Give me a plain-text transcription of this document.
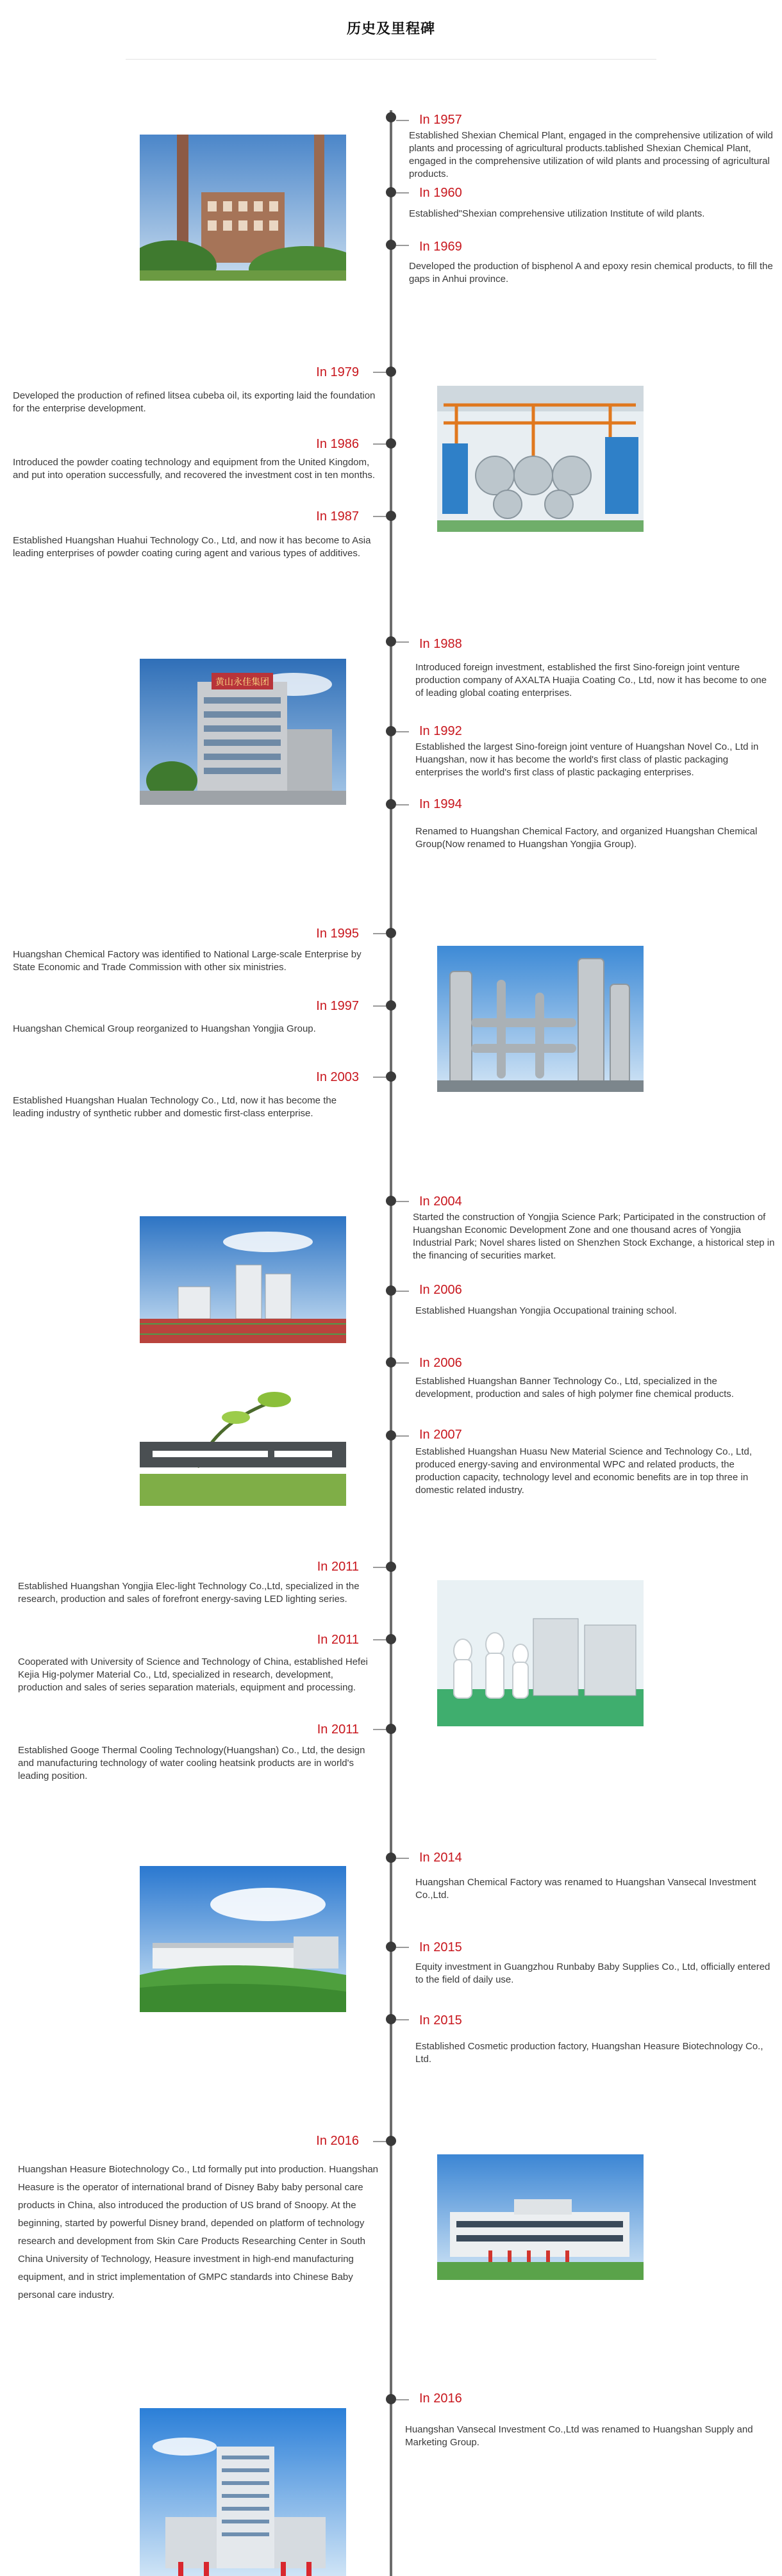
历史及里程碑
In 1957
Established Shexian Chemical Plant, engaged in the comprehensive utilization of wild plants and processing of agricultural products.tablished Shexian Chemical Plant, engaged in the comprehensive utilization of wild plants and processing of agricultural products.
In 1960
Established"Shexian comprehensive utilization Institute of wild plants.
In 1969
Developed the production of bisphenol A and epoxy resin chemical products, to fill the gaps in Anhui province.
In 1979
Developed the production of refined litsea cubeba oil, its exporting laid the foundation for the enterprise development.
In 1986
Introduced the powder coating technology and equipment from the United Kingdom, and put into operation successfully, and recovered the investment cost in ten months.
In 1987
Established Huangshan Huahui Technology Co., Ltd, and now it has become to Asia leading enterprises of powder coating curing agent and various types of additives.
In 1988
Introduced foreign investment, established the first Sino-foreign joint venture production company of AXALTA Huajia Coating Co., Ltd, now it has become to one of leading global coating enterprises.
In 1992
Established the largest Sino-foreign joint venture of Huangshan Novel Co., Ltd in Huangshan, now it has become the world's first class of plastic packaging enterprises the world's first class of plastic packaging enterprises.
In 1994
Renamed to Huangshan Chemical Factory, and organized Huangshan Chemical Group(Now renamed to Huangshan Yongjia Group).
黄山永佳集团
In 1995
Huangshan Chemical Factory was identified to National Large-scale Enterprise by State Economic and Trade Commission with other six ministries.
In 1997
Huangshan Chemical Group reorganized to Huangshan Yongjia Group.
In 2003
Established Huangshan Hualan Technology Co., Ltd, now it has become the leading industry of synthetic rubber and domestic first-class enterprise.
In 2004
Started the construction of Yongjia Science Park; Participated in the construction of Huangshan Economic Development Zone and one thousand acres of Yongjia Industrial Park; Novel shares listed on Shenzhen Stock Exchange, a historical step in the financing of securities market.
In 2006
Established Huangshan Yongjia Occupational training school.
In 2006
Established Huangshan Banner Technology Co., Ltd, specialized in the development, production and sales of high polymer fine chemical products.
In 2007
Established Huangshan Huasu New Material Science and Technology Co., Ltd, produced energy-saving and environmental WPC and related products, the production capacity, technology level and economic benefits are in top three in domestic related industry.
In 2011
Established Huangshan Yongjia Elec-light Technology Co.,Ltd, specialized in the research, production and sales of forefront energy-saving LED lighting series.
In 2011
Cooperated with University of Science and Technology of China, established Hefei Kejia Hig-polymer Material Co., Ltd, specialized in research, development, production and sales of series separation materials, equipment and processing.
In 2011
Established Googe Thermal Cooling Technology(Huangshan) Co., Ltd, the design and manufacturing technology of water cooling heatsink products are in world's leading position.
In 2014
Huangshan Chemical Factory was renamed to Huangshan Vansecal Investment Co.,Ltd.
In 2015
Equity investment in Guangzhou Runbaby Baby Supplies Co., Ltd, officially entered to the field of daily use.
In 2015
Established Cosmetic production factory, Huangshan Heasure Biotechnology Co., Ltd.
In 2016
Huangshan Heasure Biotechnology Co., Ltd formally put into production. Huangshan Heasure is the operator of international brand of Disney Baby baby personal care products in China, also introduced the production of US brand of Snoopy. At the beginning, started by powerful Disney brand, depended on platform of technology research and development from Skin Care Products Researching Center in South China University of Technology, Heasure investment in high-end manufacturing equipment, and in strict implementation of GMPC standards into Chinese Baby personal care industry.
In 2016
Huangshan Vansecal Investment Co.,Ltd was renamed to Huangshan Supply and Marketing Group.
